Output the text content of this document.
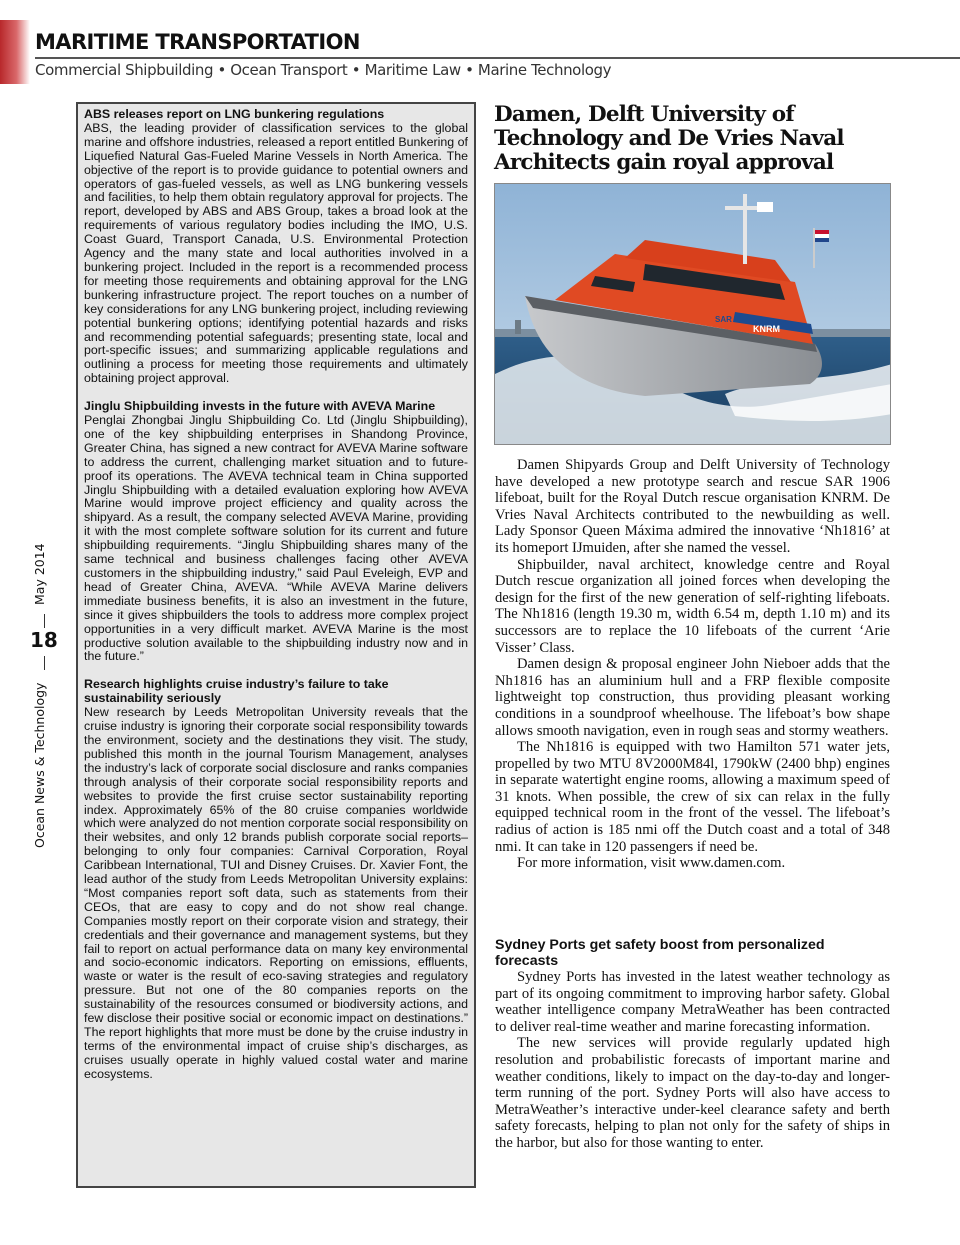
MARITIME TRANSPORTATION
Commercial Shipbuilding • Ocean Transport • Maritime Law • Marine Technology
Ocean News & Technology
18
May 2014
ABS releases report on LNG bunkering regulations
ABS, the leading provider of classification services to the global marine and offshore industries, released a report entitled Bunkering of Liquefied Natural Gas-Fueled Marine Vessels in North America. The objective of the report is to provide guidance to potential owners and operators of gas-fueled vessels, as well as LNG bunkering vessels and facilities, to help them obtain regulatory approval for projects. The report, developed by ABS and ABS Group, takes a broad look at the requirements of various regulatory bodies including the IMO, U.S. Coast Guard, Transport Canada, U.S. Environmental Protection Agency and the many state and local authorities involved in a bunkering project. Included in the report is a recommended process for meeting those requirements and obtaining approval for the LNG bunkering infrastructure project. The report touches on a number of key considerations for any LNG bunkering project, including reviewing potential bunkering options; identifying potential hazards and risks and recommending potential safeguards; presenting state, local and port-specific issues; and summarizing applicable regulations and outlining a process for meeting those requirements and ultimately obtaining project approval.
Jinglu Shipbuilding invests in the future with AVEVA Marine
Penglai Zhongbai Jinglu Shipbuilding Co. Ltd (Jinglu Shipbuilding), one of the key shipbuilding enterprises in Shandong Province, Greater China, has signed a new contract for AVEVA Marine software to address the current, challenging market situation and to future-proof its operations. The AVEVA technical team in China supported Jinglu Shipbuilding with a detailed evaluation exploring how AVEVA Marine would improve project efficiency and quality across the shipyard. As a result, the company selected AVEVA Marine, providing it with the most complete software solution for its current and future shipbuilding requirements. “Jinglu Shipbuilding shares many of the same technical and business challenges facing other AVEVA customers in the shipbuilding industry,” said Paul Eveleigh, EVP and head of Greater China, AVEVA. “While AVEVA Marine delivers immediate business benefits, it is also an investment in the future, since it gives shipbuilders the tools to address more complex project opportunities in a very difficult market. AVEVA Marine is the most productive solution available to the shipbuilding industry now and in the future.”
Research highlights cruise industry’s failure to take sustainability seriously
New research by Leeds Metropolitan University reveals that the cruise industry is ignoring their corporate social responsibility towards the environment, society and the destinations they visit. The study, published this month in the journal Tourism Management, analyses the industry’s lack of corporate social disclosure and ranks companies through analysis of their corporate social responsibility reports and websites to provide the first cruise sector sustainability reporting index. Approximately 65% of the 80 cruise companies worldwide which were analyzed do not mention corporate social responsibility on their websites, and only 12 brands publish corporate social reports–belonging to only four companies: Carnival Corporation, Royal Caribbean International, TUI and Disney Cruises. Dr. Xavier Font, the lead author of the study from Leeds Metropolitan University explains: “Most companies report soft data, such as statements from their CEOs, that are easy to copy and do not show real change. Companies mostly report on their corporate vision and strategy, their credentials and their governance and management systems, but they fail to report on actual performance data on many key environmental and socio-economic indicators. Reporting on emissions, effluents, waste or water is the result of eco-saving strategies and regulatory pressure. But not one of the 80 companies reports on the sustainability of the resources consumed or biodiversity actions, and few disclose their positive social or economic impact on destinations.” The report highlights that more must be done by the cruise industry in terms of the environmental impact of cruise ship’s discharges, as cruises usually operate in highly valued costal water and marine ecosystems.
Damen, Delft University of Technology and De Vries Naval Architects gain royal approval
KNRM
SAR

Damen Shipyards Group and Delft University of Technology have developed a new prototype search and rescue SAR 1906 lifeboat, built for the Royal Dutch rescue organisation KNRM. De Vries Naval Architects contributed to the newbuilding as well. Lady Sponsor Queen Máxima admired the innovative ‘Nh1816’ at its homeport IJmuiden, after she named the vessel.

Shipbuilder, naval architect, knowledge centre and Royal Dutch rescue organization all joined forces when developing the design for the first of the new generation of self-righting lifeboats. The Nh1816 (length 19.30 m, width 6.54 m, depth 1.10 m) and its successors are to replace the 10 lifeboats of the current ‘Arie Visser’ Class.

Damen design & proposal engineer John Nieboer adds that the Nh1816 has an aluminium hull and a FRP flexible composite lightweight top construction, thus providing pleasant working conditions in a soundproof wheelhouse. The lifeboat’s bow shape allows smooth navigation, even in rough seas and stormy weathers.

The Nh1816 is equipped with two Hamilton 571 water jets, propelled by two MTU 8V2000M84l, 1790kW (2400 bhp) engines in separate watertight engine rooms, allowing a maximum speed of 31 knots. When possible, the crew of six can relax in the fully equipped technical room in the front of the vessel. The lifeboat’s radius of action is 185 nmi off the Dutch coast and a total of 348 nmi. It can take in 120 passengers if need be.

For more information, visit www.damen.com.

Sydney Ports get safety boost from personalized forecasts

Sydney Ports has invested in the latest weather technology as part of its ongoing commitment to improving harbor safety. Global weather intelligence company MetraWeather has been contracted to deliver real-time weather and marine forecasting information.

The new services will provide regularly updated high resolution and probabilistic forecasts of important marine and weather conditions, likely to impact on the day-to-day and longer-term running of the port. Sydney Ports will also have access to MetraWeather’s interactive under-keel clearance safety and berth safety forecasts, helping to plan not only for the safety of ships in the harbor, but also for those wanting to enter.
